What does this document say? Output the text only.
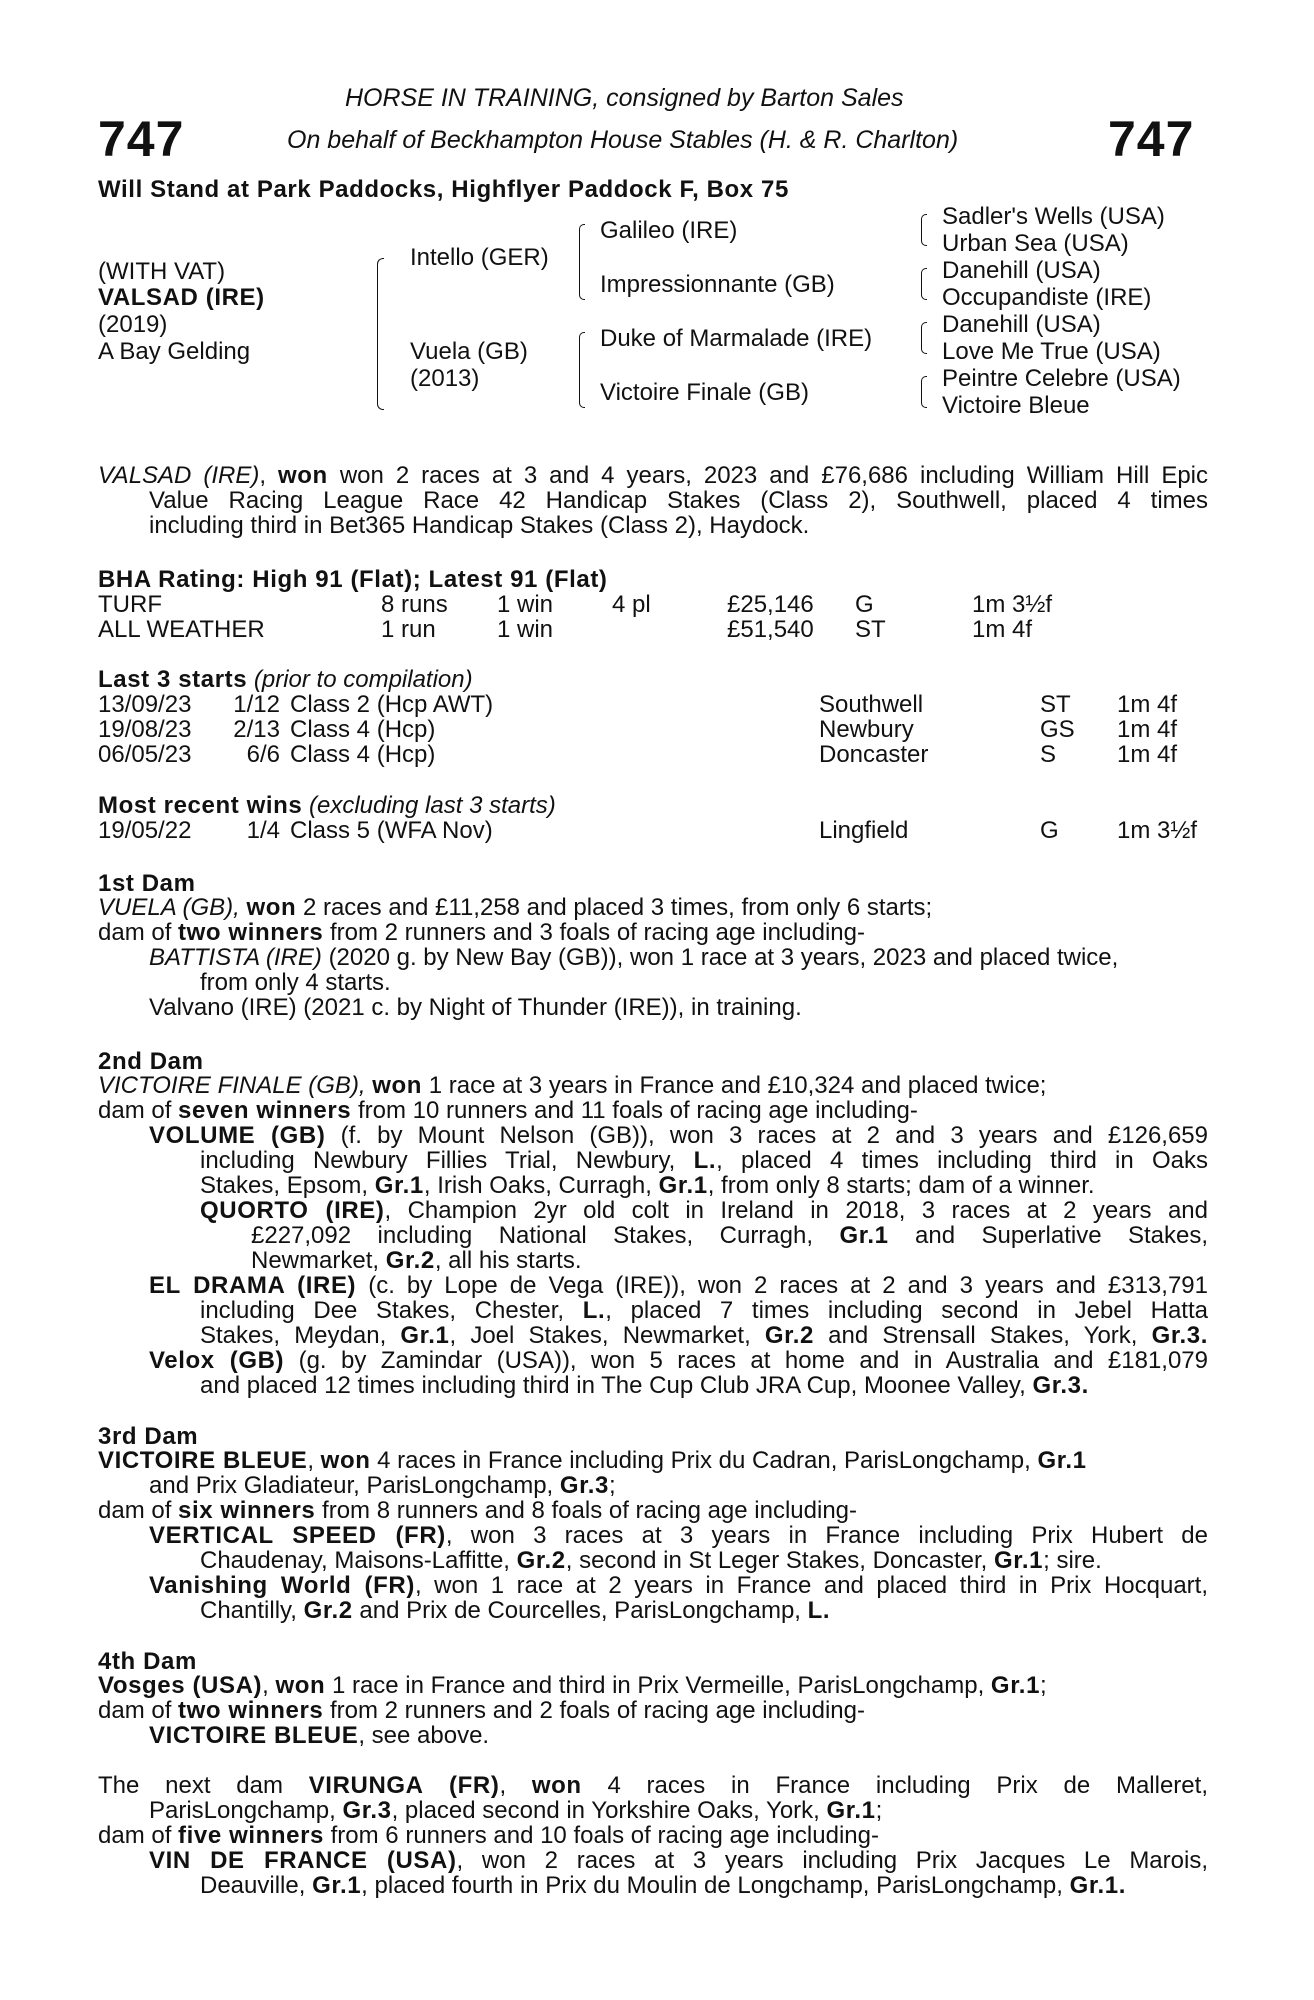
747	747
HORSE IN TRAINING, consigned by Barton Sales
On behalf of Beckhampton House Stables (H. & R. Charlton)
Will Stand at Park Paddocks, Highflyer Paddock F, Box 75
(WITH VAT)
VALSAD (IRE)
(2019)
A Bay Gelding
Intello (GER)
Vuela (GB)
(2013)
Galileo (IRE)
Impressionnante (GB)
Duke of Marmalade (IRE)
Victoire Finale (GB)
Sadler's Wells (USA)
Urban Sea (USA)
Danehill (USA)
Occupandiste (IRE)
Danehill (USA)
Love Me True (USA)
Peintre Celebre (USA)
Victoire Bleue
VALSAD (IRE), won won 2 races at 3 and 4 years, 2023 and £76,686 including William Hill Epic
Value Racing League Race 42 Handicap Stakes (Class 2), Southwell, placed 4 times
including third in Bet365 Handicap Stakes (Class 2), Haydock.
BHA Rating: High 91 (Flat); Latest 91 (Flat)
TURF	8 runs 1 win 4 pl	£25,146 G	1m 3½f
ALL WEATHER	1 run	1 win	£51,540 ST	1m 4f
Last 3 starts (prior to compilation)
13/09/23 1/12 Class 2 (Hcp AWT)	Southwell	ST 1m 4f
19/08/23 2/13 Class 4 (Hcp)	Newbury	GS 1m 4f
06/05/23 6/6 Class 4 (Hcp)	Doncaster	S	1m 4f
Most recent wins (excluding last 3 starts)
19/05/22 1/4 Class 5 (WFA Nov)	Lingfield	G 1m 3½f
1st Dam
VUELA (GB), won 2 races and £11,258 and placed 3 times, from only 6 starts;
dam of two winners from 2 runners and 3 foals of racing age including-
BATTISTA (IRE) (2020 g. by New Bay (GB)), won 1 race at 3 years, 2023 and placed twice,
from only 4 starts.
Valvano (IRE) (2021 c. by Night of Thunder (IRE)), in training.
2nd Dam
VICTOIRE FINALE (GB), won 1 race at 3 years in France and £10,324 and placed twice;
dam of seven winners from 10 runners and 11 foals of racing age including-
VOLUME (GB) (f. by Mount Nelson (GB)), won 3 races at 2 and 3 years and £126,659
including Newbury Fillies Trial, Newbury, L., placed 4 times including third in Oaks
Stakes, Epsom, Gr.1, Irish Oaks, Curragh, Gr.1, from only 8 starts; dam of a winner.
QUORTO (IRE), Champion 2yr old colt in Ireland in 2018, 3 races at 2 years and
£227,092 including National Stakes, Curragh, Gr.1 and Superlative Stakes,
Newmarket, Gr.2, all his starts.
EL DRAMA (IRE) (c. by Lope de Vega (IRE)), won 2 races at 2 and 3 years and £313,791
including Dee Stakes, Chester, L., placed 7 times including second in Jebel Hatta
Stakes, Meydan, Gr.1, Joel Stakes, Newmarket, Gr.2 and Strensall Stakes, York, Gr.3.
Velox (GB) (g. by Zamindar (USA)), won 5 races at home and in Australia and £181,079
and placed 12 times including third in The Cup Club JRA Cup, Moonee Valley, Gr.3.
3rd Dam
VICTOIRE BLEUE, won 4 races in France including Prix du Cadran, ParisLongchamp, Gr.1
and Prix Gladiateur, ParisLongchamp, Gr.3;
dam of six winners from 8 runners and 8 foals of racing age including-
VERTICAL SPEED (FR), won 3 races at 3 years in France including Prix Hubert de
Chaudenay, Maisons-Laffitte, Gr.2, second in St Leger Stakes, Doncaster, Gr.1; sire.
Vanishing World (FR), won 1 race at 2 years in France and placed third in Prix Hocquart,
Chantilly, Gr.2 and Prix de Courcelles, ParisLongchamp, L.
4th Dam
Vosges (USA), won 1 race in France and third in Prix Vermeille, ParisLongchamp, Gr.1;
dam of two winners from 2 runners and 2 foals of racing age including-
VICTOIRE BLEUE, see above.
The next dam VIRUNGA (FR), won 4 races in France including Prix de Malleret,
ParisLongchamp, Gr.3, placed second in Yorkshire Oaks, York, Gr.1;
dam of five winners from 6 runners and 10 foals of racing age including-
VIN DE FRANCE (USA), won 2 races at 3 years including Prix Jacques Le Marois,
Deauville, Gr.1, placed fourth in Prix du Moulin de Longchamp, ParisLongchamp, Gr.1.
